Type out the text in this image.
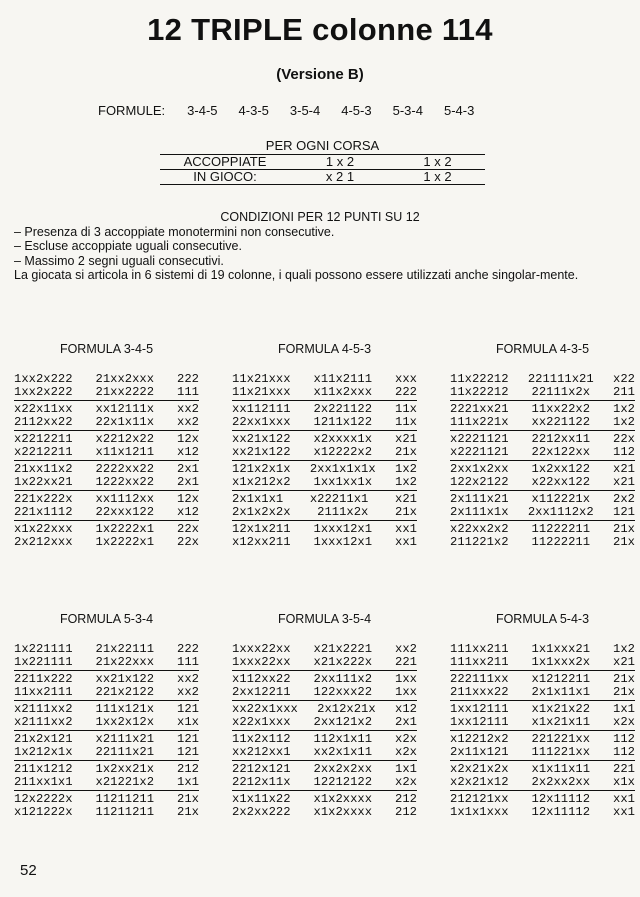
12 TRIPLE colonne 114
(Versione B)
FORMULE: 3-4-5 4-3-5 3-5-4 4-5-3 5-3-4 5-4-3
PER OGNI CORSA
ACCOPPIATE	1 x 2	1 x 2
IN GIOCO:	x 2 1	1 x 2
CONDIZIONI PER 12 PUNTI SU 12
– Presenza di 3 accoppiate monotermini non consecutive.
– Escluse accoppiate uguali consecutive.
– Massimo 2 segni uguali consecutivi.
La giocata si articola in 6 sistemi di 19 colonne, i quali possono essere utilizzati anche singolar-mente.
FORMULA 3-4-5
1xx2x222 21xx2xxx 222
1xx2x222 21xx2222 111
x22x11xx xx12111x xx2
2112xx22 22x1x11x xx2
x2212211 x2212x22 12x
x2212211 x11x1211 x12
21xx11x2 2222xx22 2x1
1x22xx21 1222xx22 2x1
221x222x xx1112xx 12x
221x1112 22xxx122 x12
x1x22xxx 1x2222x1 22x
2x212xxx 1x2222x1 22x
FORMULA 4-5-3
11x21xxx x11x2111 xxx
11x21xxx x11x2xxx 222
xx112111 2x221122 11x
22xx1xxx 1211x122 11x
xx21x122 x2xxxx1x x21
xx21x122 x12222x2 21x
121x2x1x 2xx1x1x1x 1x2
x1x212x2 1xx1xx1x 1x2
2x1x1x1 x22211x1 x21
2x1x2x2x 2111x2x 21x
12x1x211 1xxx12x1 xx1
x12xx211 1xxx12x1 xx1
FORMULA 4-3-5
11x22212 221111x21 x22
11x22212 22111x2x 211
2221xx21 11xx22x2 1x2
111x221x xx221122 1x2
x2221121 2212xx11 22x
x2221121 22x122xx 112
2xx1x2xx 1x2xx122 x21
122x2122 x22xx122 x21
2x111x21 x112221x 2x2
2x111x1x 2xx1112x2 121
x22xx2x2 11222211 21x
211221x2 11222211 21x
FORMULA 5-3-4
1x221111 21x22111 222
1x221111 21x22xxx 111
2211x222 xx21x122 xx2
11xx2111 221x2122 xx2
x2111xx2 111x121x 121
x2111xx2 1xx2x12x x1x
21x2x121 x2111x21 121
1x212x1x 22111x21 121
211x1212 1x2xx21x 212
211xx1x1 x21221x2 1x1
12x2222x 11211211 21x
x121222x 11211211 21x
FORMULA 3-5-4
1xxx22xx x21x2221 xx2
1xxx22xx x21x222x 221
x112xx22 2xx111x2 1xx
2xx12211 122xxx22 1xx
xx22x1xxx 2x12x21x x12
x22x1xxx 2xx121x2 2x1
11x2x112 112x1x11 x2x
xx212xx1 xx2x1x11 x2x
2212x121 2xx2x2xx 1x1
2212x11x 12212122 x2x
x1x11x22 x1x2xxxx 212
2x2xx222 x1x2xxxx 212
FORMULA 5-4-3
111xx211 1x1xxx21 1x2
111xx211 1x1xxx2x x21
222111xx x1212211 21x
211xxx22 2x1x11x1 21x
1xx12111 x1x21x22 1x1
1xx12111 x1x21x11 x2x
x12212x2 221221xx 112
2x11x121 111221xx 112
x2x21x2x x1x11x11 221
x2x21x12 2x2xx2xx x1x
212121xx 12x11112 xx1
1x1x1xxx 12x11112 xx1
52
